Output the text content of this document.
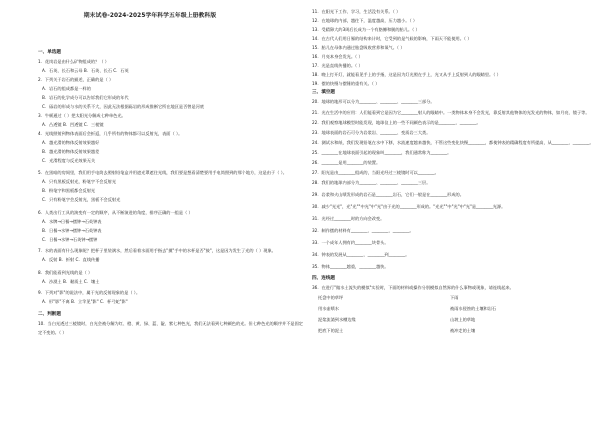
期末试卷-2024-2025学年科学五年级上册教科版
一、单选题
1．花岗岩是由什么矿物组成的？（ ）
A．石英、长石和云母 B．石英、长石 C．石英
2．下列关于岩石的描述，正确的是（ ）
A．岩石的组成都是一样的
B．岩石的化学成分可以告诉我们它形成的年代
C．砾岩的形成与水的关系不大，因此无法根据砾岩的形成推断它所在地区是否曾是河底
3．牛顿通过（ ）把太阳光分解成七种单色光。
A．凸透镜 B．凹透镜 C．三棱镜
4．光线照射到物体表面后会折返，几乎所有的物体都可以反射光，表面（ ）。
A．越光滑的物体反射效果越好
B．越光滑的物体反射效果越差
C．光滑程度与反光效果无关
5．在黑暗的房间里，我们用手电筒去照射铅笔盒并用遮光罩遮住光线，我们要是想看清楚要用手电筒照到的那个地方，这是由于（ ）。
A．只有黑板反射光，粉笔字不会反射光
B．粉笔字和黑板都会反射光
C．只有粉笔字会反射光，黑板不会反射光
6．人类出行工具的演变有一定的顺序，从不断演进的角度，排序正确的一组是（ ）
A．水牌→日晷→摆钟→石英钟表
B．日晷→水钟→摆钟→石英钟表
C．日晷→水钟→石英钟→摆钟
7．水的表面有什么现象呢？把杯子里装满水，然后看着水面用手指去"摸"手中的水杯是否"鼓"，这是因为发生了光的（ ）现象。
A．反射 B．折射 C．直线传播
8．我们能看到光线的是（ ）
A．沙漠土 B．黏质土 C．壤土
9．下列对"影"的说法中，属于光的反射现象的是（ ）。
A．形"影"不离 B．立竿见"影" C．杯弓蛇"影"
二、判断题
10．当白光透过三棱镜时，白光会被分解为红、橙、黄、绿、蓝、靛、紫七种色光，我们无法看到七种颜色的光。但七种色光的顺序并不是固定
定不变的。（ ）
11．在阳光下工作、学习，生活没有关系。（ ）
12．在地球的内部，越往下，温度越高，压力越小。（ ）
13．受精卵大约3周后长成为一个有胳膊和腿的胎儿。（ ）
14．在古代人们用日晷的结构来计时，它受到的是气候的影响，下雨天不能使用。（ ）
15．胎儿在母体内通过胎盘吸收营养和氧气。（ ）
16．月亮本身会发光。（ ）
17．光是直线传播的。（ ）
18．晚上打开灯，就能看见手上的手指，这是因为灯光照在手上，光又从手上反射到人的眼睛里。（ ）
19．摆的快慢与摆锤的重有关。（ ）
三、填空题
20．地球的地形可以分为________、________、________三部分。
21．光在生活中的应用：人们能看到它是因为它________射人的眼睛中。一类物体本身不会发光，靠反射其他物体的光发光的物体，如月亮、镜子等。
22．我们观察地球模型时能发现，地球仪上的一些不同颜色表示的是________、________。
23．地球表面的岩石可分为岩浆岩、________、变质岩三大类。
24．测试水和纸，我们发现铅笔在水中下移，水流速度越来越快，不管这些变化快慢________，都使钟表的精确程度有所提高，从________、________。
25．________在地球表面引起的现象叫________，我们通常称为________。
26．________是用________的装置。
27．阳光是由________组成的，当阳光经过三棱镜时可以________。
28．我们的地球内部分为________、________、________三层。
29．岩浆和火山喷发形成的岩石是________岩石，它们一般是在________形成的。
30．减少"光光"，光"光""中光"中"光"由于光的________形成的。"光光""中"光"中"光"是________光源。
31．光经过________时的方向会改变。
32．制作摆的材料有________、________、________。
33．一个成年人拥有约________块骨头。
34．钟表的发展从________、________到________。
35．物体________越重，________越快。
四、连线题
36．在进行"做水土流失的模拟"实验时，下面的材料或操作分别模拟自然界的什么事物或现象，请连线起来。
托盘中的草坪
用水壶喷水
泥浆流淌到水槽边缘
把底下的泥土
下雨
被雨水侵蚀的土壤和岩石
山坡上的草地
被冲走的土壤
